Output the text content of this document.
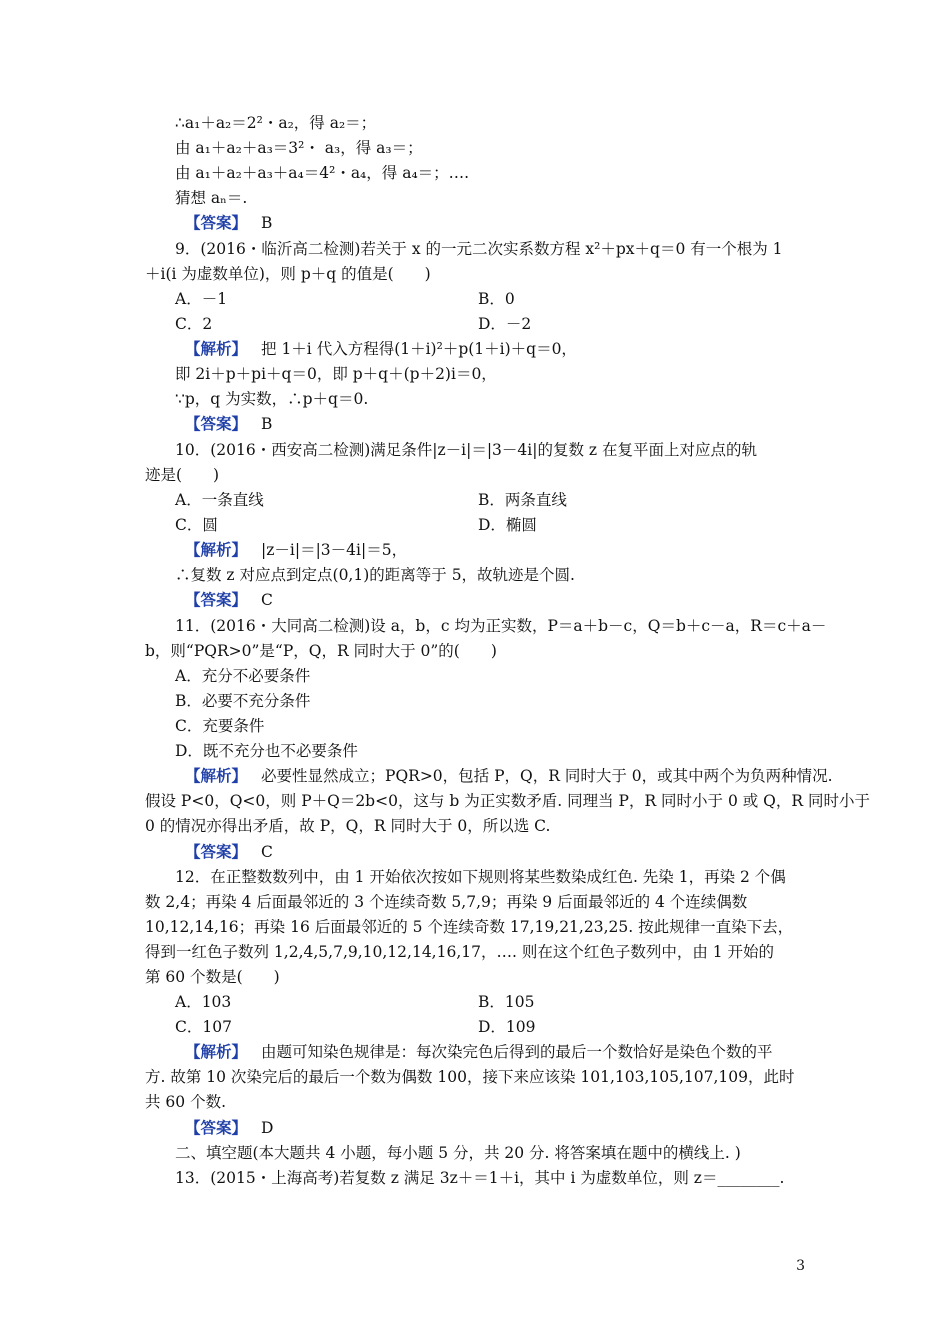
∴a₁＋a₂＝2²・a₂，得 a₂＝；
由 a₁＋a₂＋a₃＝3²・ a₃，得 a₃＝；
由 a₁＋a₂＋a₃＋a₄＝4²・a₄，得 a₄＝；….
猜想 aₙ＝.
【答案】 B
9．(2016・临沂高二检测)若关于 x 的一元二次实系数方程 x²＋px＋q＝0 有一个根为 1
＋i(i 为虚数单位)，则 p＋q 的值是(　　)
A．－1	B．0
C．2	D．－2
【解析】 把 1＋i 代入方程得(1＋i)²＋p(1＋i)＋q＝0，
即 2i＋p＋pi＋q＝0，即 p＋q＋(p＋2)i＝0，
∵p，q 为实数，∴p＋q＝0.
【答案】 B
10．(2016・西安高二检测)满足条件|z－i|＝|3－4i|的复数 z 在复平面上对应点的轨
迹是(　　)
A．一条直线	B．两条直线
C．圆	D．椭圆
【解析】 |z－i|＝|3－4i|＝5，
∴复数 z 对应点到定点(0,1)的距离等于 5，故轨迹是个圆.
【答案】 C
11．(2016・大同高二检测)设 a，b，c 均为正实数，P＝a＋b－c，Q＝b＋c－a，R＝c＋a－
b，则“PQR>0”是“P，Q，R 同时大于 0”的(　　)
A．充分不必要条件
B．必要不充分条件
C．充要条件
D．既不充分也不必要条件
【解析】 必要性显然成立；PQR>0，包括 P，Q，R 同时大于 0，或其中两个为负两种情况.
假设 P<0，Q<0，则 P＋Q＝2b<0，这与 b 为正实数矛盾. 同理当 P，R 同时小于 0 或 Q，R 同时小于
0 的情况亦得出矛盾，故 P，Q，R 同时大于 0，所以选 C.
【答案】 C
12．在正整数数列中，由 1 开始依次按如下规则将某些数染成红色. 先染 1，再染 2 个偶
数 2,4；再染 4 后面最邻近的 3 个连续奇数 5,7,9；再染 9 后面最邻近的 4 个连续偶数
10,12,14,16；再染 16 后面最邻近的 5 个连续奇数 17,19,21,23,25. 按此规律一直染下去，
得到一红色子数列 1,2,4,5,7,9,10,12,14,16,17，…. 则在这个红色子数列中，由 1 开始的
第 60 个数是(　　)
A．103	B．105
C．107	D．109
【解析】 由题可知染色规律是：每次染完色后得到的最后一个数恰好是染色个数的平
方. 故第 10 次染完后的最后一个数为偶数 100，接下来应该染 101,103,105,107,109，此时
共 60 个数.
【答案】 D
二、填空题(本大题共 4 小题，每小题 5 分，共 20 分. 将答案填在题中的横线上. )
13．(2015・上海高考)若复数 z 满足 3z＋＝1＋i，其中 i 为虚数单位，则 z＝________.
3
